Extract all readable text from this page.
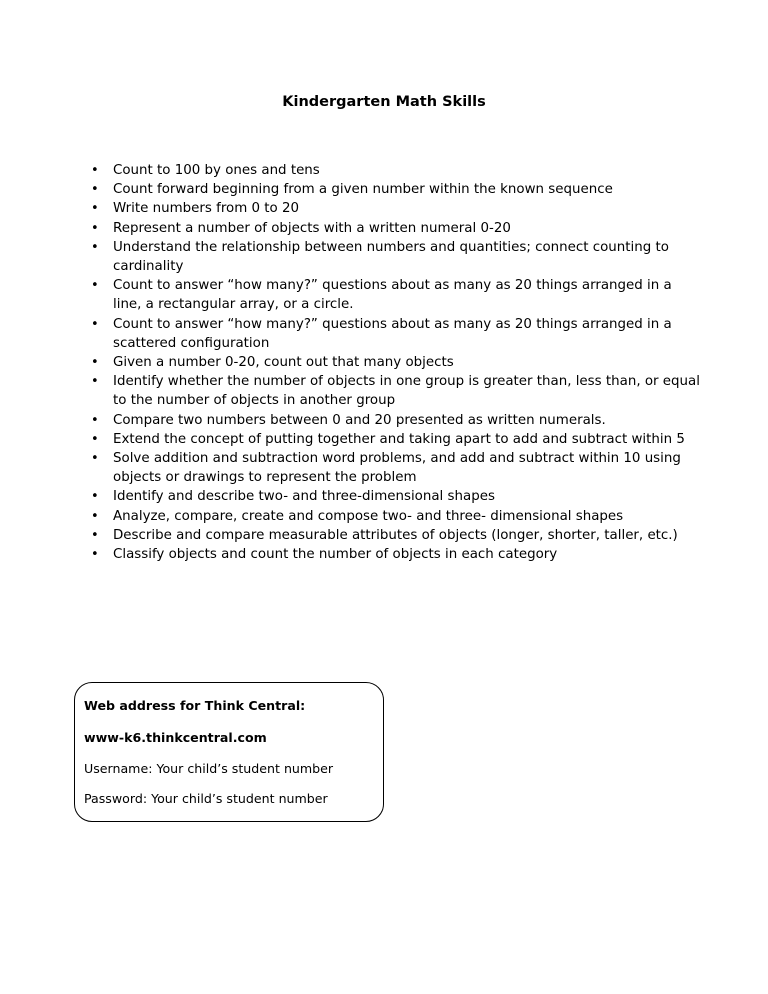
Kindergarten Math Skills
• Count to 100 by ones and tens
• Count forward beginning from a given number within the known sequence
• Write numbers from 0 to 20
• Represent a number of objects with a written numeral 0-20
• Understand the relationship between numbers and quantities; connect counting to cardinality
• Count to answer “how many?” questions about as many as 20 things arranged in a line, a rectangular array, or a circle.
• Count to answer “how many?” questions about as many as 20 things arranged in a scattered configuration
• Given a number 0-20, count out that many objects
• Identify whether the number of objects in one group is greater than, less than, or equal to the number of objects in another group
• Compare two numbers between 0 and 20 presented as written numerals.
• Extend the concept of putting together and taking apart to add and subtract within 5
• Solve addition and subtraction word problems, and add and subtract within 10 using objects or drawings to represent the problem
• Identify and describe two- and three-dimensional shapes
• Analyze, compare, create and compose two- and three- dimensional shapes
• Describe and compare measurable attributes of objects (longer, shorter, taller, etc.)
• Classify objects and count the number of objects in each category

Web address for Think Central:

www-k6.thinkcentral.com

Username: Your child’s student number

Password: Your child’s student number
